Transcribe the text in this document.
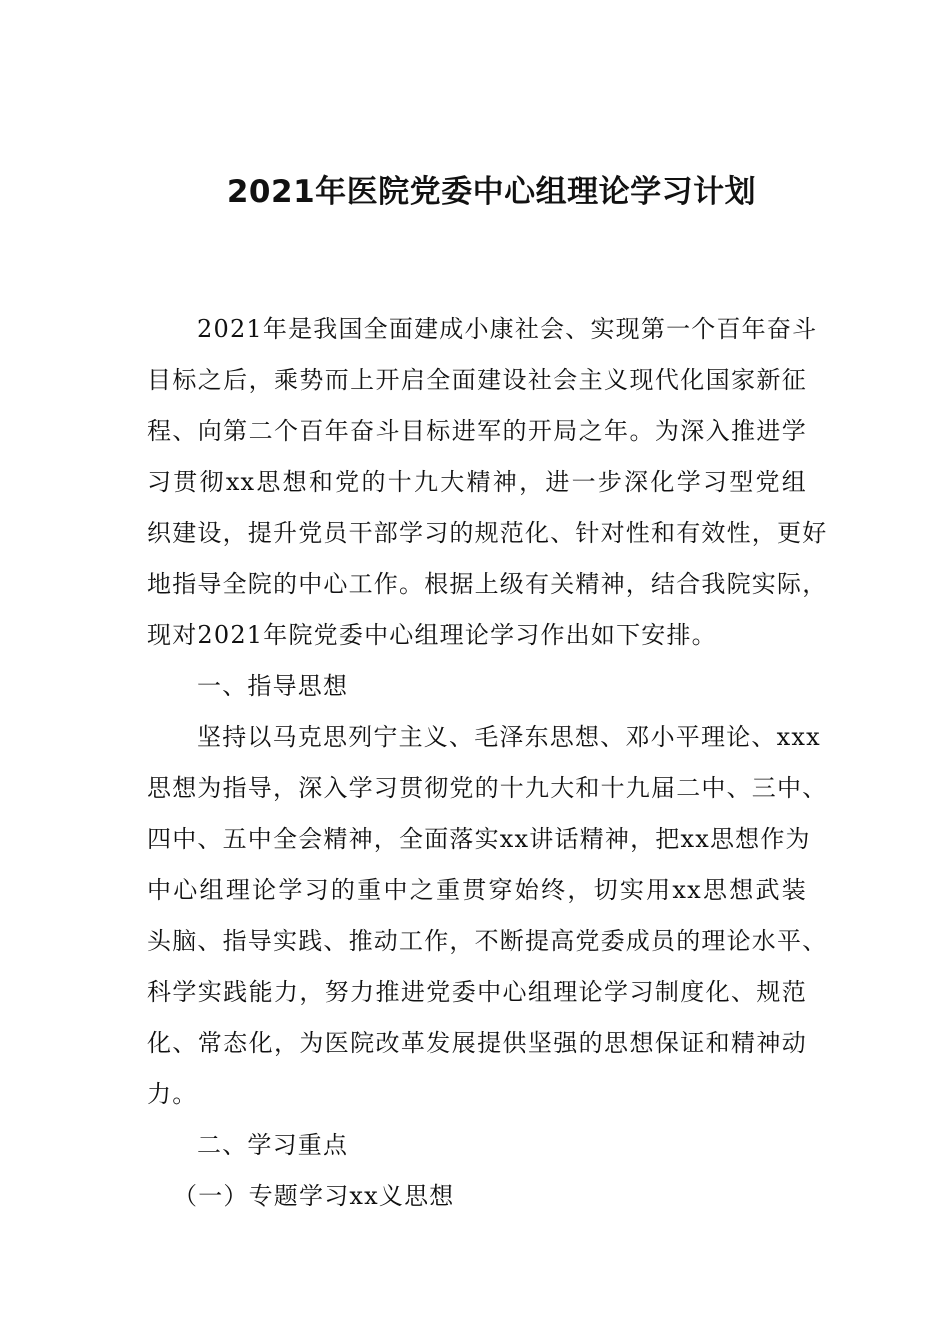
2021年医院党委中心组理论学习计划

2021年是我国全面建成小康社会、实现第一个百年奋斗
目标之后，乘势而上开启全面建设社会主义现代化国家新征
程、向第二个百年奋斗目标进军的开局之年。为深入推进学
习贯彻xx思想和党的十九大精神，进一步深化学习型党组
织建设，提升党员干部学习的规范化、针对性和有效性，更好
地指导全院的中心工作。根据上级有关精神，结合我院实际，
现对2021年院党委中心组理论学习作出如下安排。

一、指导思想

坚持以马克思列宁主义、毛泽东思想、邓小平理论、xxx
思想为指导，深入学习贯彻党的十九大和十九届二中、三中、
四中、五中全会精神，全面落实xx讲话精神，把xx思想作为
中心组理论学习的重中之重贯穿始终，切实用xx思想武装
头脑、指导实践、推动工作，不断提高党委成员的理论水平、
科学实践能力，努力推进党委中心组理论学习制度化、规范
化、常态化，为医院改革发展提供坚强的思想保证和精神动
力。

二、学习重点

（一）专题学习xx义思想
